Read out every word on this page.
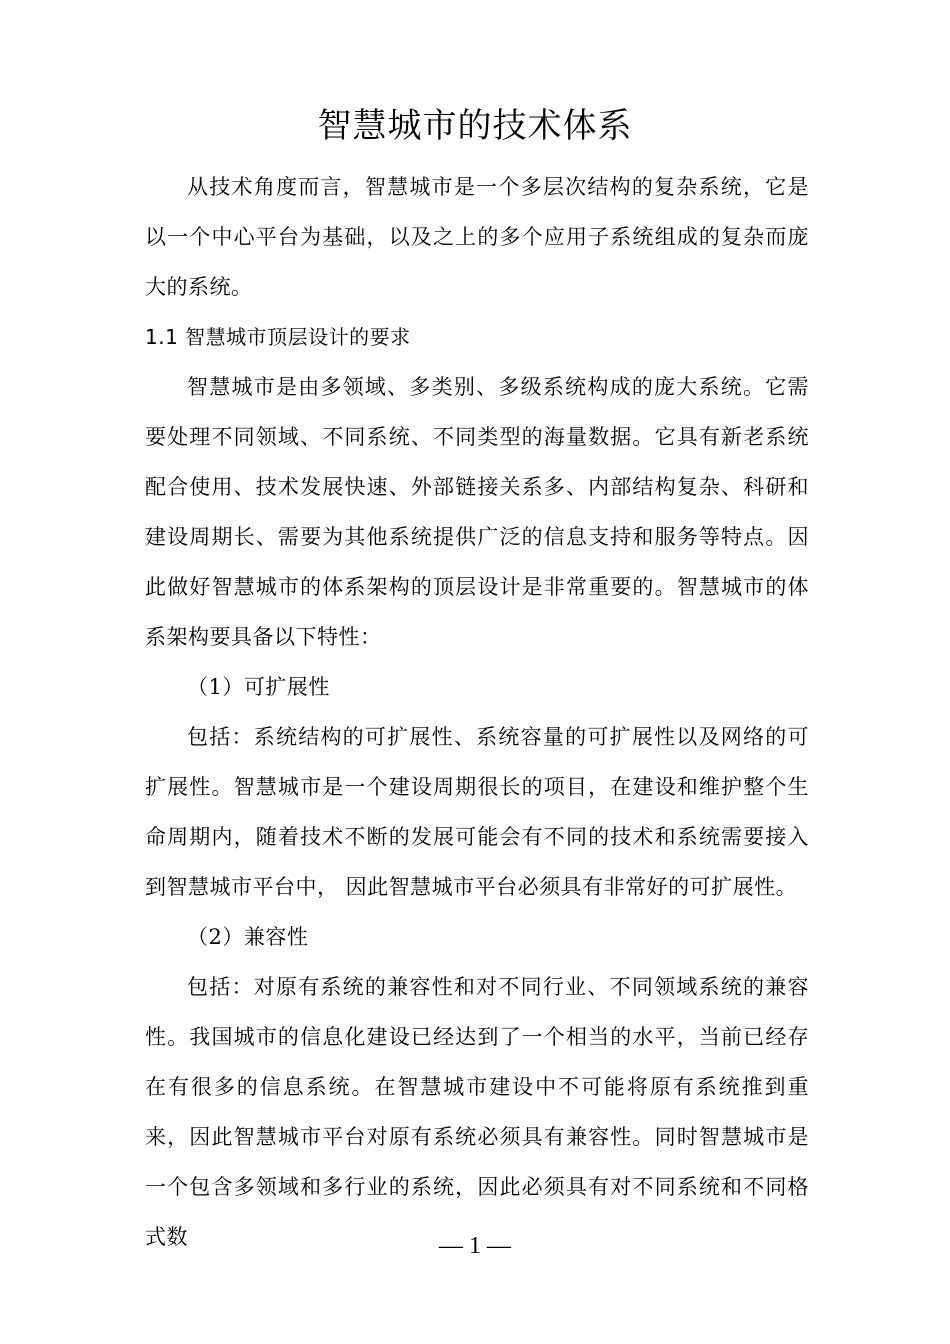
智慧城市的技术体系

从技术角度而言，智慧城市是一个多层次结构的复杂系统，它是以一个中心平台为基础，以及之上的多个应用子系统组成的复杂而庞大的系统。

1.1 智慧城市顶层设计的要求

智慧城市是由多领域、多类别、多级系统构成的庞大系统。它需要处理不同领域、不同系统、不同类型的海量数据。它具有新老系统配合使用、技术发展快速、外部链接关系多、内部结构复杂、科研和建设周期长、需要为其他系统提供广泛的信息支持和服务等特点。因此做好智慧城市的体系架构的顶层设计是非常重要的。智慧城市的体系架构要具备以下特性：

（1）可扩展性

包括：系统结构的可扩展性、系统容量的可扩展性以及网络的可扩展性。智慧城市是一个建设周期很长的项目，在建设和维护整个生命周期内，随着技术不断的发展可能会有不同的技术和系统需要接入到智慧城市平台中， 因此智慧城市平台必须具有非常好的可扩展性。

（2）兼容性

包括：对原有系统的兼容性和对不同行业、不同领域系统的兼容性。我国城市的信息化建设已经达到了一个相当的水平，当前已经存在有很多的信息系统。在智慧城市建设中不可能将原有系统推到重来，因此智慧城市平台对原有系统必须具有兼容性。同时智慧城市是一个包含多领域和多行业的系统，因此必须具有对不同系统和不同格式数	— 1 —
